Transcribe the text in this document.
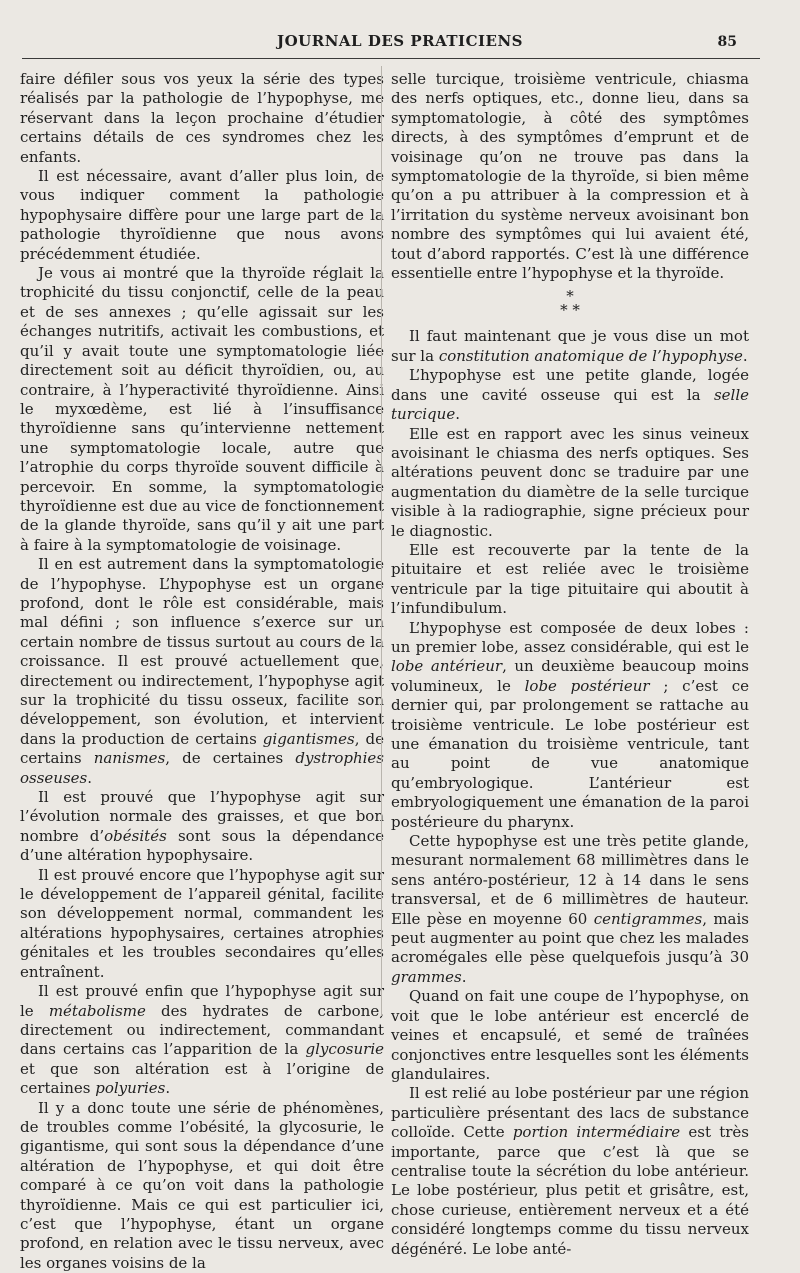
JOURNAL DES PRATICIENS	85

faire défiler sous vos yeux la série des types réalisés par la pathologie de l’hypophyse, me réservant dans la leçon prochaine d’étudier certains détails de ces syndromes chez les enfants.

Il est nécessaire, avant d’aller plus loin, de vous indiquer comment la pathologie hypophysaire diffère pour une large part de la pathologie thyroïdienne que nous avons précédemment étudiée.

Je vous ai montré que la thyroïde réglait la trophicité du tissu conjonctif, celle de la peau et de ses annexes ; qu’elle agissait sur les échanges nutritifs, activait les combustions, et qu’il y avait toute une symptomatologie liée directement soit au déficit thyroïdien, ou, au contraire, à l’hyperactivité thyroïdienne. Ainsi le myxœdème, est lié à l’insuffisance thyroïdienne sans qu’intervienne nettement une symptomatologie locale, autre que l’atrophie du corps thyroïde souvent difficile à percevoir. En somme, la symptomatologie thyroïdienne est due au vice de fonctionnement de la glande thyroïde, sans qu’il y ait une part à faire à la symptomatologie de voisinage.

Il en est autrement dans la symptomatologie de l’hypophyse. L’hypophyse est un organe profond, dont le rôle est considérable, mais mal défini ; son influence s’exerce sur un certain nombre de tissus surtout au cours de la croissance. Il est prouvé actuellement que, directement ou indirectement, l’hypophyse agit sur la trophicité du tissu osseux, facilite son développement, son évolution, et intervient dans la production de certains gigantismes, de certains nanismes, de certaines dystrophies osseuses.

Il est prouvé que l’hypophyse agit sur l’évolution normale des graisses, et que bon nombre d’obésités sont sous la dépendance d’une altération hypophysaire.

Il est prouvé encore que l’hypophyse agit sur le développement de l’appareil génital, facilite son développement normal, commandent les altérations hypophysaires, certaines atrophies génitales et les troubles secondaires qu’elles entraînent.

Il est prouvé enfin que l’hypophyse agit sur le métabolisme des hydrates de carbone, directement ou indirectement, commandant dans certains cas l’apparition de la glycosurie et que son altération est à l’origine de certaines polyuries.

Il y a donc toute une série de phénomènes, de troubles comme l’obésité, la glycosurie, le gigantisme, qui sont sous la dépendance d’une altération de l’hypophyse, et qui doit être comparé à ce qu’on voit dans la pathologie thyroïdienne. Mais ce qui est particulier ici, c’est que l’hypophyse, étant un organe profond, en relation avec le tissu nerveux, avec les organes voisins de la

selle turcique, troisième ventricule, chiasma des nerfs optiques, etc., donne lieu, dans sa symptomatologie, à côté des symptômes directs, à des symptômes d’emprunt et de voisinage qu’on ne trouve pas dans la symptomatologie de la thyroïde, si bien même qu’on a pu attribuer à la compression et à l’irritation du système nerveux avoisinant bon nombre des symptômes qui lui avaient été, tout d’abord rapportés. C’est là une différence essentielle entre l’hypophyse et la thyroïde.

*
* *

Il faut maintenant que je vous dise un mot sur la constitution anatomique de l’hypophyse.

L’hypophyse est une petite glande, logée dans une cavité osseuse qui est la selle turcique.

Elle est en rapport avec les sinus veineux avoisinant le chiasma des nerfs optiques. Ses altérations peuvent donc se traduire par une augmentation du diamètre de la selle turcique visible à la radiographie, signe précieux pour le diagnostic.

Elle est recouverte par la tente de la pituitaire et est reliée avec le troisième ventricule par la tige pituitaire qui aboutit à l’infundibulum.

L’hypophyse est composée de deux lobes : un premier lobe, assez considérable, qui est le lobe antérieur, un deuxième beaucoup moins volumineux, le lobe postérieur ; c’est ce dernier qui, par prolongement se rattache au troisième ventricule. Le lobe postérieur est une émanation du troisième ventricule, tant au point de vue anatomique qu’embryologique. L’antérieur est embryologiquement une émanation de la paroi postérieure du pharynx.

Cette hypophyse est une très petite glande, mesurant normalement 68 millimètres dans le sens antéro-postérieur, 12 à 14 dans le sens transversal, et de 6 millimètres de hauteur. Elle pèse en moyenne 60 centigrammes, mais peut augmenter au point que chez les malades acromégales elle pèse quelquefois jusqu’à 30 grammes.

Quand on fait une coupe de l’hypophyse, on voit que le lobe antérieur est encerclé de veines et encapsulé, et semé de traînées conjonctives entre lesquelles sont les éléments glandulaires.

Il est relié au lobe postérieur par une région particulière présentant des lacs de substance colloïde. Cette portion intermédiaire est très importante, parce que c’est là que se centralise toute la sécrétion du lobe antérieur. Le lobe postérieur, plus petit et grisâtre, est, chose curieuse, entièrement nerveux et a été considéré longtemps comme du tissu nerveux dégénéré. Le lobe anté-
